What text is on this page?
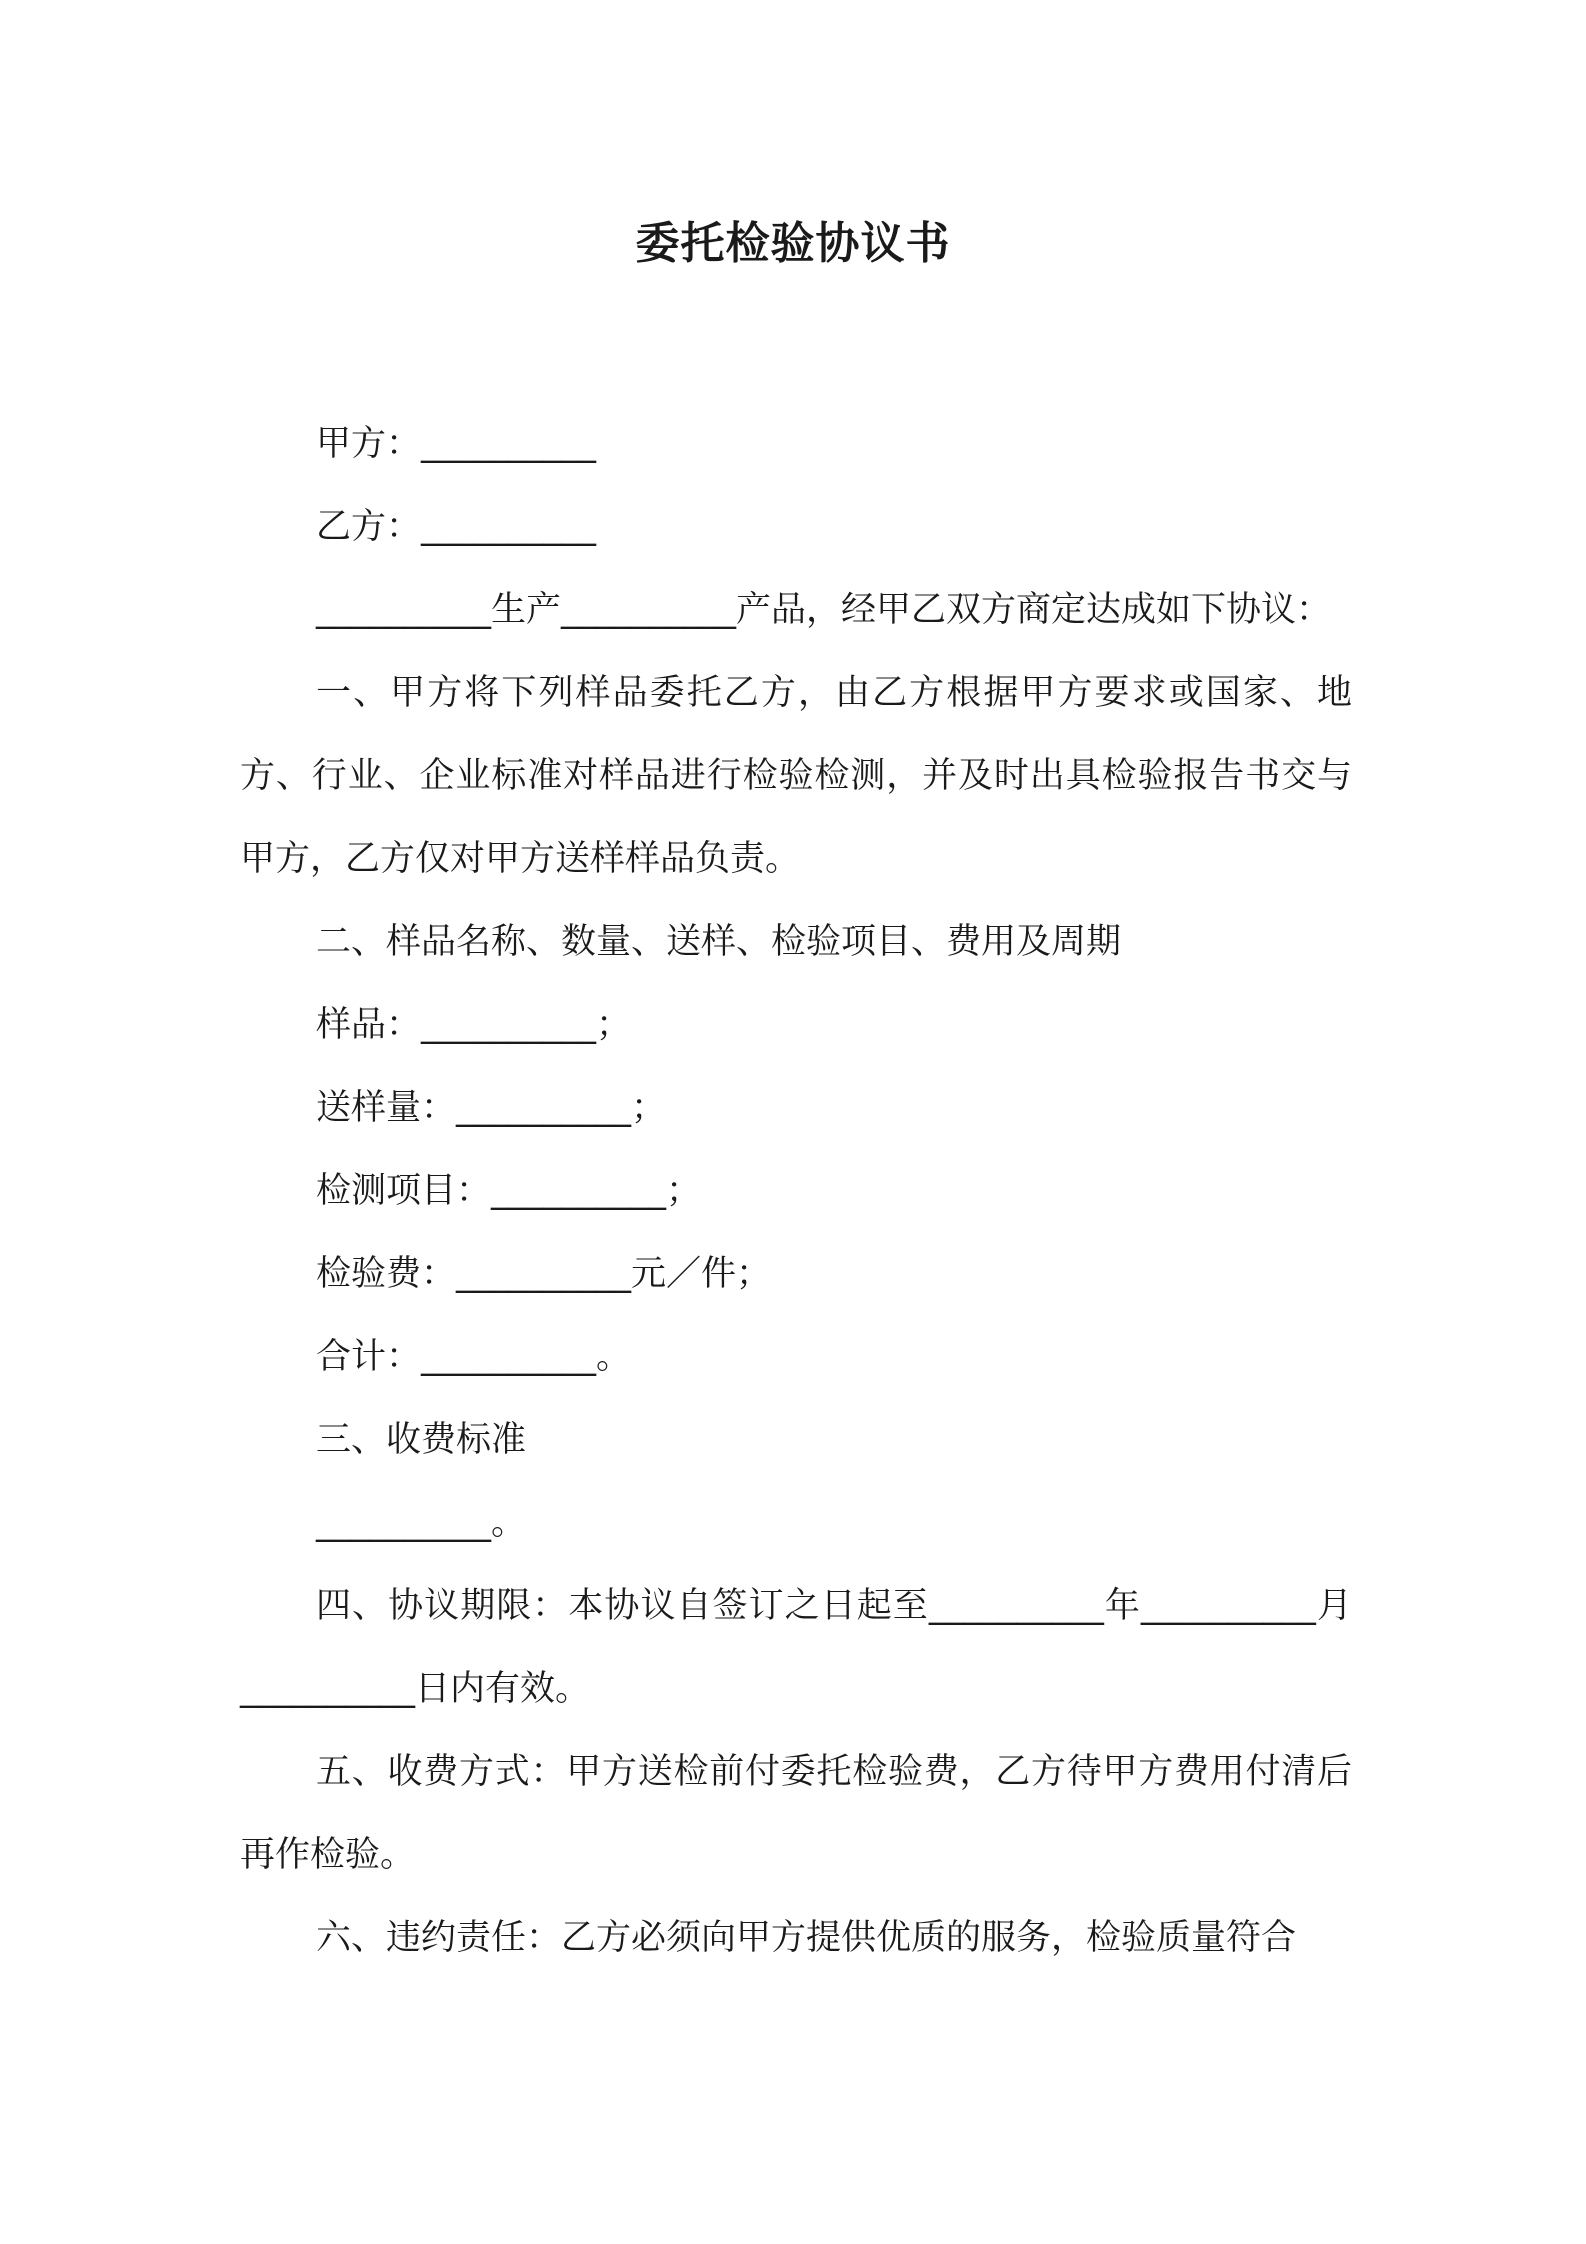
委托检验协议书

甲方：__________

乙方：__________

__________生产__________产品，经甲乙双方商定达成如下协议：

一、甲方将下列样品委托乙方，由乙方根据甲方要求或国家、地方、行业、企业标准对样品进行检验检测，并及时出具检验报告书交与甲方，乙方仅对甲方送样样品负责。

二、样品名称、数量、送样、检验项目、费用及周期

样品：__________；

送样量：__________；

检测项目：__________；

检验费：__________元／件；

合计：__________。

三、收费标准

__________。

四、协议期限：本协议自签订之日起至__________年__________月__________日内有效。

五、收费方式：甲方送检前付委托检验费，乙方待甲方费用付清后再作检验。

六、违约责任：乙方必须向甲方提供优质的服务，检验质量符合
